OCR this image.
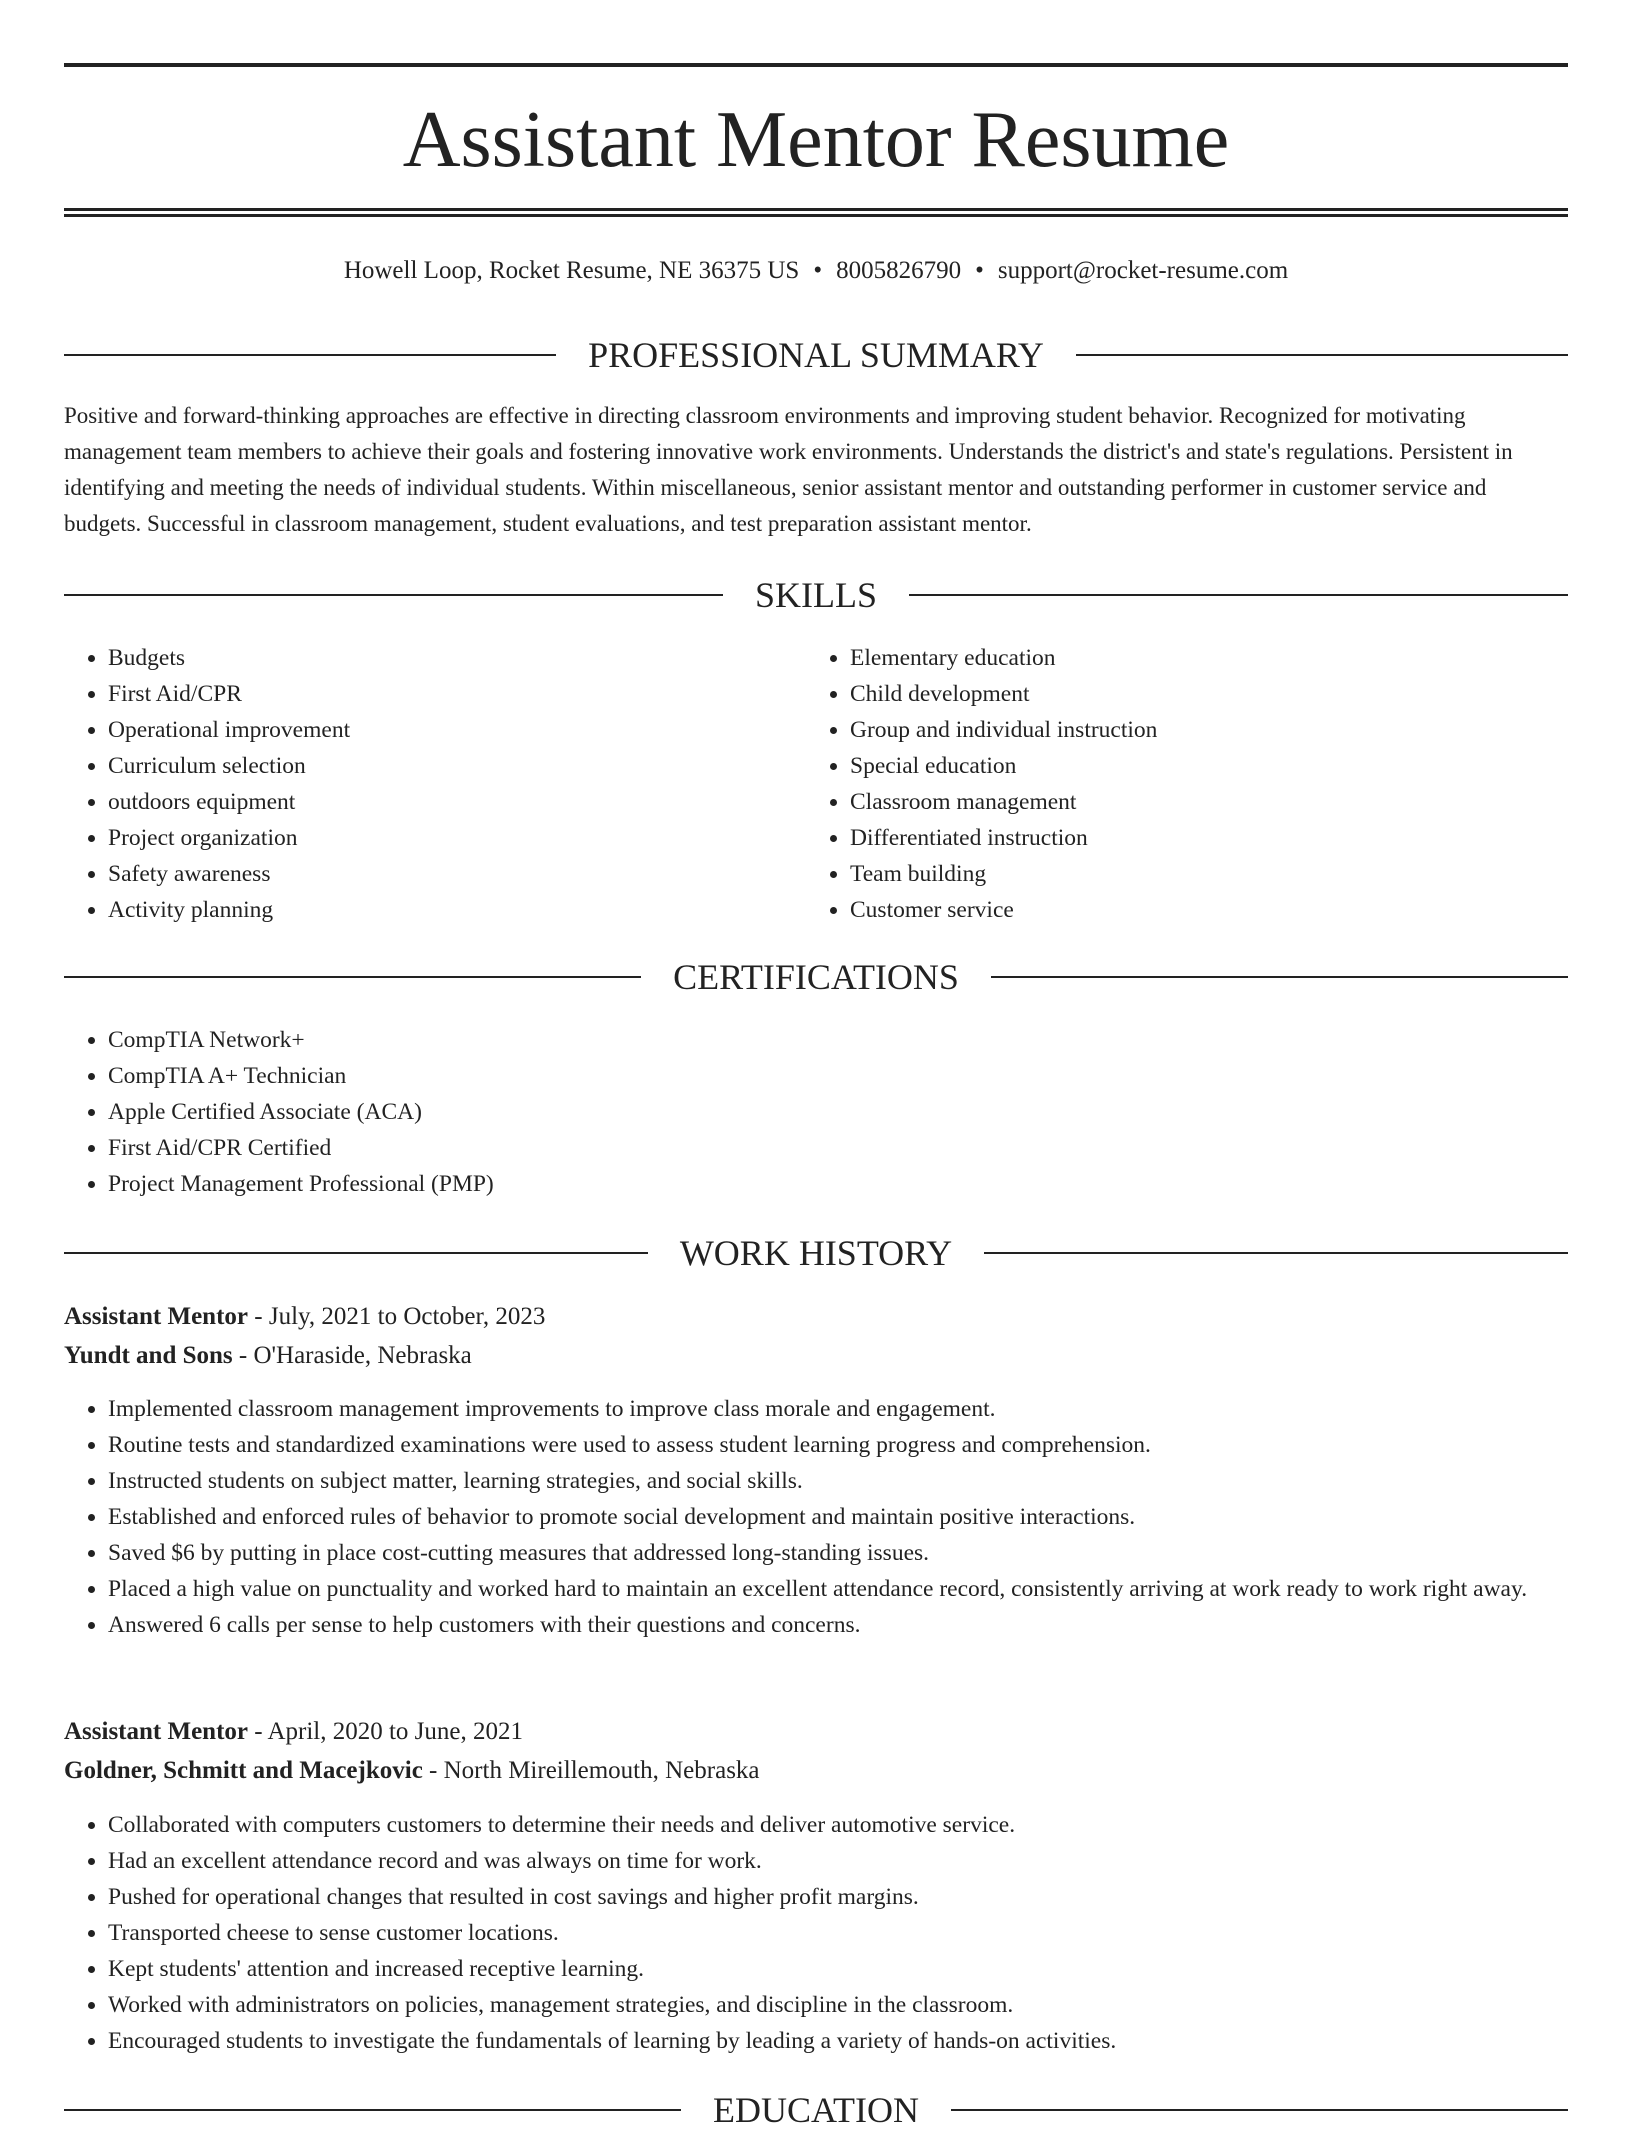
Assistant Mentor Resume
Howell Loop, Rocket Resume, NE 36375 US • 8005826790 • support@rocket-resume.com
PROFESSIONAL SUMMARY

Positive and forward-thinking approaches are effective in directing classroom environments and improving student behavior. Recognized for motivating management team members to achieve their goals and fostering innovative work environments. Understands the district's and state's regulations. Persistent in identifying and meeting the needs of individual students. Within miscellaneous, senior assistant mentor and outstanding performer in customer service and budgets. Successful in classroom management, student evaluations, and test preparation assistant mentor.

SKILLS
• Budgets
• First Aid/CPR
• Operational improvement
• Curriculum selection
• outdoors equipment
• Project organization
• Safety awareness
• Activity planning
• Elementary education
• Child development
• Group and individual instruction
• Special education
• Classroom management
• Differentiated instruction
• Team building
• Customer service
CERTIFICATIONS
• CompTIA Network+
• CompTIA A+ Technician
• Apple Certified Associate (ACA)
• First Aid/CPR Certified
• Project Management Professional (PMP)
WORK HISTORY
Assistant Mentor - July, 2021 to October, 2023
Yundt and Sons - O'Haraside, Nebraska
• Implemented classroom management improvements to improve class morale and engagement.
• Routine tests and standardized examinations were used to assess student learning progress and comprehension.
• Instructed students on subject matter, learning strategies, and social skills.
• Established and enforced rules of behavior to promote social development and maintain positive interactions.
• Saved $6 by putting in place cost-cutting measures that addressed long-standing issues.
• Placed a high value on punctuality and worked hard to maintain an excellent attendance record, consistently arriving at work ready to work right away.
• Answered 6 calls per sense to help customers with their questions and concerns.
Assistant Mentor - April, 2020 to June, 2021
Goldner, Schmitt and Macejkovic - North Mireillemouth, Nebraska
• Collaborated with computers customers to determine their needs and deliver automotive service.
• Had an excellent attendance record and was always on time for work.
• Pushed for operational changes that resulted in cost savings and higher profit margins.
• Transported cheese to sense customer locations.
• Kept students' attention and increased receptive learning.
• Worked with administrators on policies, management strategies, and discipline in the classroom.
• Encouraged students to investigate the fundamentals of learning by leading a variety of hands-on activities.
EDUCATION
